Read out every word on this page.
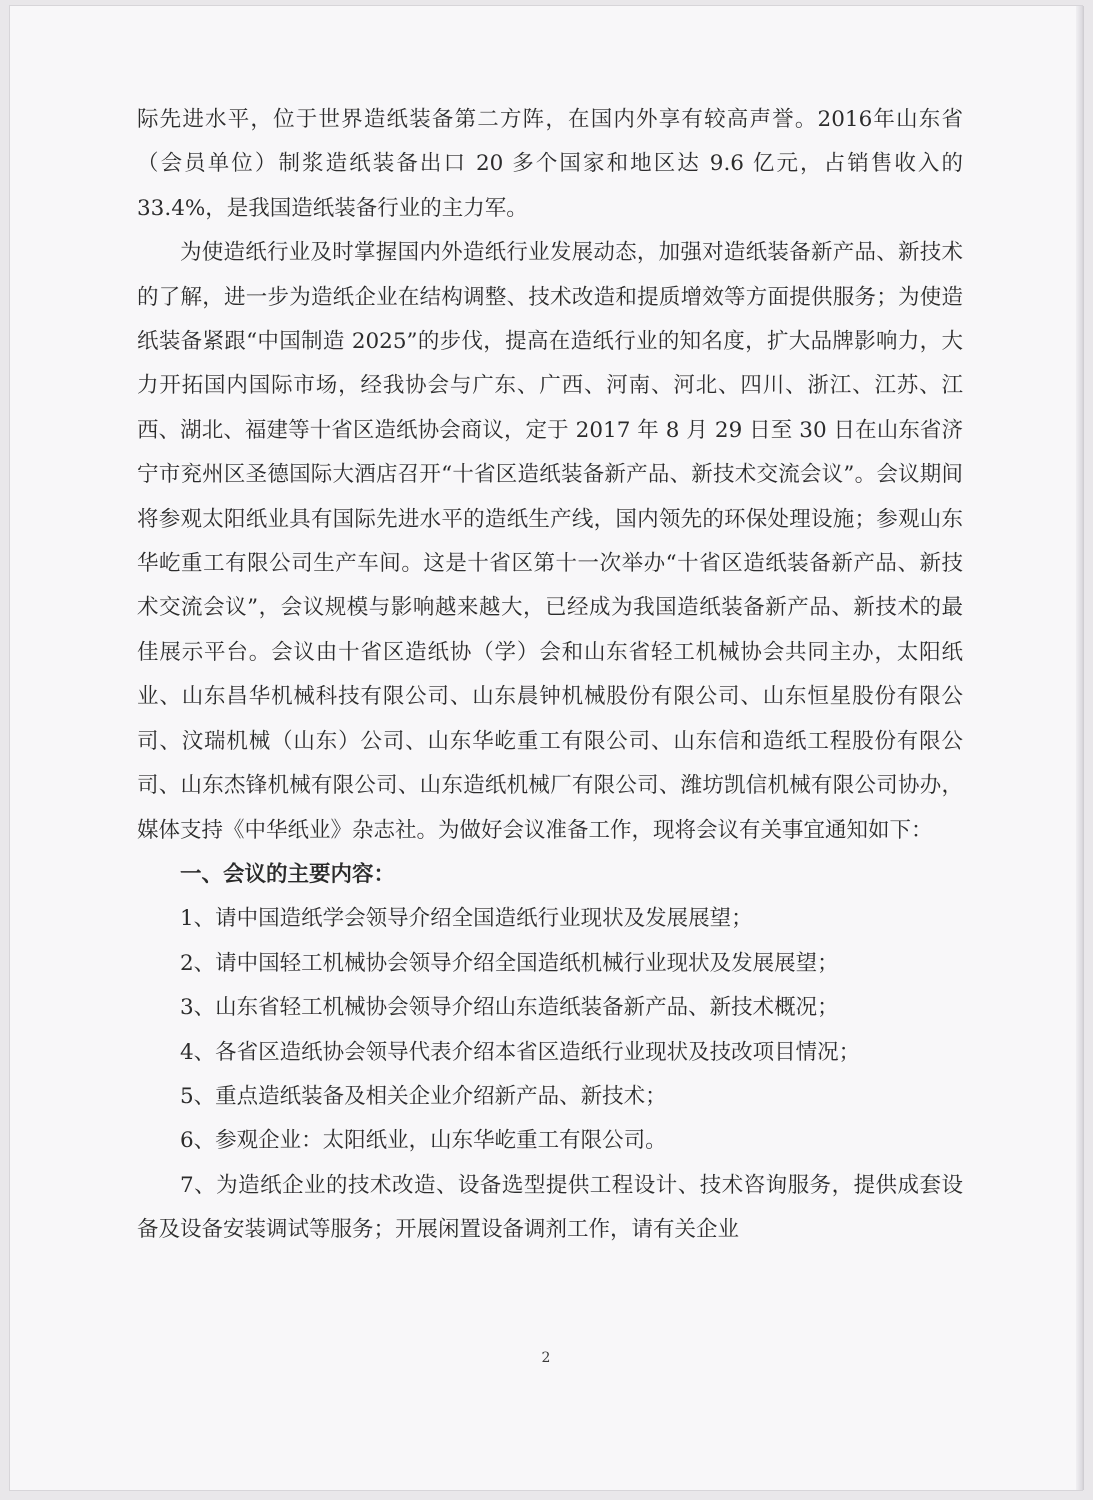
际先进水平，位于世界造纸装备第二方阵，在国内外享有较高声誉。2016年山东省（会员单位）制浆造纸装备出口 20 多个国家和地区达 9.6 亿元，占销售收入的 33.4%，是我国造纸装备行业的主力军。

为使造纸行业及时掌握国内外造纸行业发展动态，加强对造纸装备新产品、新技术的了解，进一步为造纸企业在结构调整、技术改造和提质增效等方面提供服务；为使造纸装备紧跟“中国制造 2025”的步伐，提高在造纸行业的知名度，扩大品牌影响力，大力开拓国内国际市场，经我协会与广东、广西、河南、河北、四川、浙江、江苏、江西、湖北、福建等十省区造纸协会商议，定于 2017 年 8 月 29 日至 30 日在山东省济宁市兖州区圣德国际大酒店召开“十省区造纸装备新产品、新技术交流会议”。会议期间将参观太阳纸业具有国际先进水平的造纸生产线，国内领先的环保处理设施；参观山东华屹重工有限公司生产车间。这是十省区第十一次举办“十省区造纸装备新产品、新技术交流会议”，会议规模与影响越来越大，已经成为我国造纸装备新产品、新技术的最佳展示平台。会议由十省区造纸协（学）会和山东省轻工机械协会共同主办，太阳纸业、山东昌华机械科技有限公司、山东晨钟机械股份有限公司、山东恒星股份有限公司、汶瑞机械（山东）公司、山东华屹重工有限公司、山东信和造纸工程股份有限公司、山东杰锋机械有限公司、山东造纸机械厂有限公司、潍坊凯信机械有限公司协办，媒体支持《中华纸业》杂志社。为做好会议准备工作，现将会议有关事宜通知如下：

一、会议的主要内容：

1、请中国造纸学会领导介绍全国造纸行业现状及发展展望；

2、请中国轻工机械协会领导介绍全国造纸机械行业现状及发展展望；

3、山东省轻工机械协会领导介绍山东造纸装备新产品、新技术概况；

4、各省区造纸协会领导代表介绍本省区造纸行业现状及技改项目情况；

5、重点造纸装备及相关企业介绍新产品、新技术；

6、参观企业：太阳纸业，山东华屹重工有限公司。

7、为造纸企业的技术改造、设备选型提供工程设计、技术咨询服务，提供成套设备及设备安装调试等服务；开展闲置设备调剂工作，请有关企业

2
